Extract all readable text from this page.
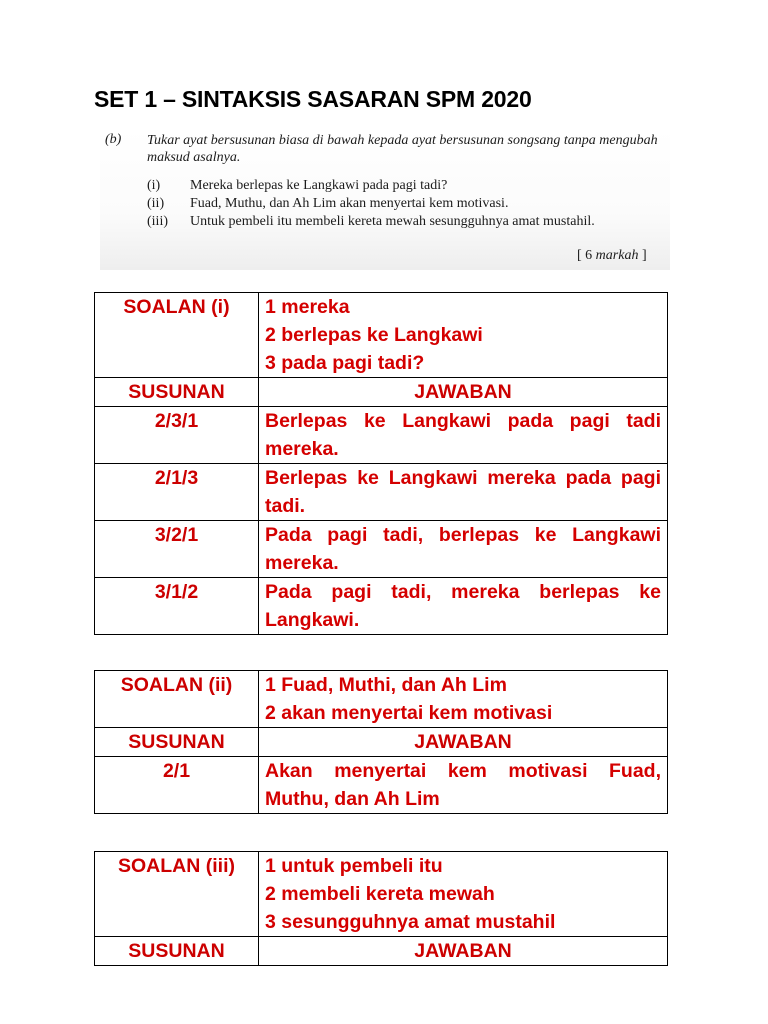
SET 1 – SINTAKSIS SASARAN SPM 2020
(b) Tukar ayat bersusunan biasa di bawah kepada ayat bersusunan songsang tanpa mengubah maksud asalnya.
(i) Mereka berlepas ke Langkawi pada pagi tadi?
(ii) Fuad, Muthu, dan Ah Lim akan menyertai kem motivasi.
(iii) Untuk pembeli itu membeli kereta mewah sesungguhnya amat mustahil.
[ 6 markah ]
SOALAN (i)	1 mereka
2 berlepas ke Langkawi
3 pada pagi tadi?

SUSUNAN	JAWABAN
2/3/1	Berlepas ke Langkawi pada pagi tadi mereka.
2/1/3	Berlepas ke Langkawi mereka pada pagi tadi.
3/2/1	Pada pagi tadi, berlepas ke Langkawi mereka.
3/1/2	Pada pagi tadi, mereka berlepas ke Langkawi.
SOALAN (ii)	1 Fuad, Muthi, dan Ah Lim
2 akan menyertai kem motivasi

SUSUNAN	JAWABAN
2/1	Akan menyertai kem motivasi Fuad, Muthu, dan Ah Lim
SOALAN (iii)	1 untuk pembeli itu
2 membeli kereta mewah
3 sesungguhnya amat mustahil

SUSUNAN	JAWABAN
